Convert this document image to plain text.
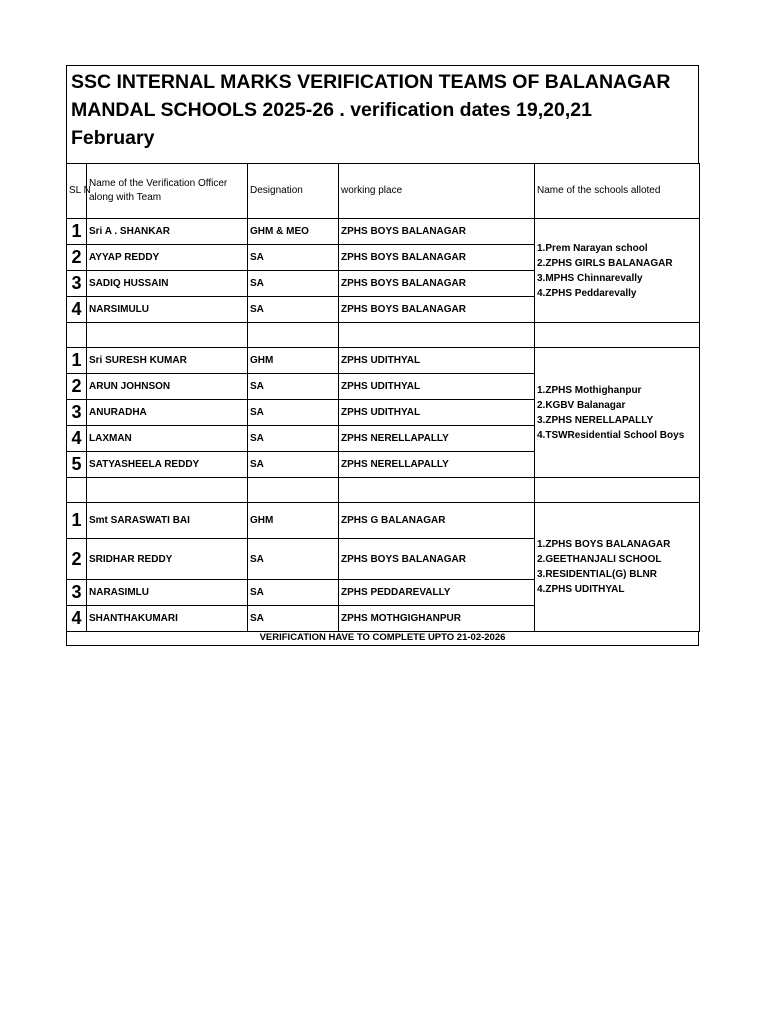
SSC INTERNAL MARKS VERIFICATION TEAMS OF BALANAGAR

MANDAL SCHOOLS 2025-26 . verification dates 19,20,21

February

SL N	Name of the Verification Officer along with Team	Designation	working place	Name of the schools alloted
1	Sri A . SHANKAR	GHM & MEO	ZPHS BOYS BALANAGAR	1.Prem Narayan school
2.ZPHS GIRLS BALANAGAR
3.MPHS Chinnarevally
4.ZPHS Peddarevally

2	AYYAP REDDY	SA	ZPHS BOYS BALANAGAR	
3	SADIQ HUSSAIN	SA	ZPHS BOYS BALANAGAR	
4	NARSIMULU	SA	ZPHS BOYS BALANAGAR	

1	Sri SURESH KUMAR	GHM	ZPHS UDITHYAL	1.ZPHS Mothighanpur
2.KGBV Balanagar
3.ZPHS NERELLAPALLY
4.TSWResidential School Boys

2	ARUN JOHNSON	SA	ZPHS UDITHYAL	
3	ANURADHA	SA	ZPHS UDITHYAL	
4	LAXMAN	SA	ZPHS NERELLAPALLY	
5	SATYASHEELA REDDY	SA	ZPHS NERELLAPALLY	

1	Smt SARASWATI BAI	GHM	ZPHS G BALANAGAR	1.ZPHS BOYS BALANAGAR
2.GEETHANJALI SCHOOL
3.RESIDENTIAL(G) BLNR
4.ZPHS UDITHYAL

2	SRIDHAR REDDY	SA	ZPHS BOYS BALANAGAR	
3	NARASIMLU	SA	ZPHS PEDDAREVALLY	
4	SHANTHAKUMARI	SA	ZPHS MOTHGIGHANPUR	
VERIFICATION HAVE TO COMPLETE UPTO 21-02-2026
